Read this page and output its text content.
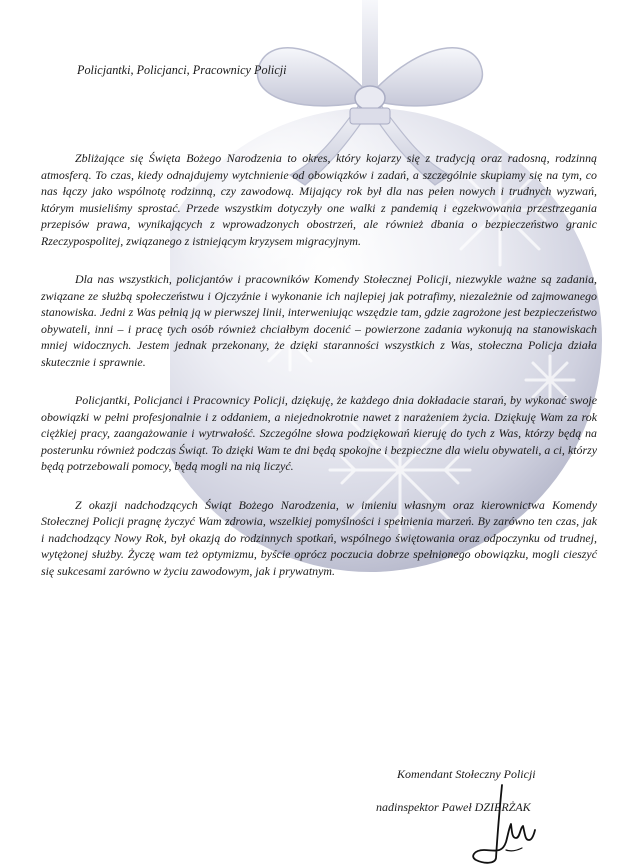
Policjantki, Policjanci, Pracownicy Policji

Zbliżające się Święta Bożego Narodzenia to okres, który kojarzy się z tradycją oraz radosną, rodzinną atmosferą. To czas, kiedy odnajdujemy wytchnienie od obowiązków i zadań, a szczególnie skupiamy się na tym, co nas łączy jako wspólnotę rodzinną, czy zawodową. Mijający rok był dla nas pełen nowych i trudnych wyzwań, którym musieliśmy sprostać. Przede wszystkim dotyczyły one walki z pandemią i egzekwowania przestrzegania przepisów prawa, wynikających z wprowadzonych obostrzeń, ale również dbania o bezpieczeństwo granic Rzeczypospolitej, związanego z istniejącym kryzysem migracyjnym.

Dla nas wszystkich, policjantów i pracowników Komendy Stołecznej Policji, niezwykle ważne są zadania, związane ze służbą społeczeństwu i Ojczyźnie i wykonanie ich najlepiej jak potrafimy, niezależnie od zajmowanego stanowiska. Jedni z Was pełnią ją w pierwszej linii, interweniując wszędzie tam, gdzie zagrożone jest bezpieczeństwo obywateli, inni – i pracę tych osób również chciałbym docenić – powierzone zadania wykonują na stanowiskach mniej widocznych. Jestem jednak przekonany, że dzięki staranności wszystkich z Was, stołeczna Policja działa skutecznie i sprawnie.

Policjantki, Policjanci i Pracownicy Policji, dziękuję, że każdego dnia dokładacie starań, by wykonać swoje obowiązki w pełni profesjonalnie i z oddaniem, a niejednokrotnie nawet z narażeniem życia. Dziękuję Wam za rok ciężkiej pracy, zaangażowanie i wytrwałość. Szczególne słowa podziękowań kieruję do tych z Was, którzy będą na posterunku również podczas Świąt. To dzięki Wam te dni będą spokojne i bezpieczne dla wielu obywateli, a ci, którzy będą potrzebowali pomocy, będą mogli na nią liczyć.

Z okazji nadchodzących Świąt Bożego Narodzenia, w imieniu własnym oraz kierownictwa Komendy Stołecznej Policji pragnę życzyć Wam zdrowia, wszelkiej pomyślności i spełnienia marzeń. By zarówno ten czas, jak i nadchodzący Nowy Rok, był okazją do rodzinnych spotkań, wspólnego świętowania oraz odpoczynku od trudnej, wytężonej służby. Życzę wam też optymizmu, byście oprócz poczucia dobrze spełnionego obowiązku, mogli cieszyć się sukcesami zarówno w życiu zawodowym, jak i prywatnym.

Komendant Stołeczny Policji
nadinspektor Paweł DZIERŻAK
